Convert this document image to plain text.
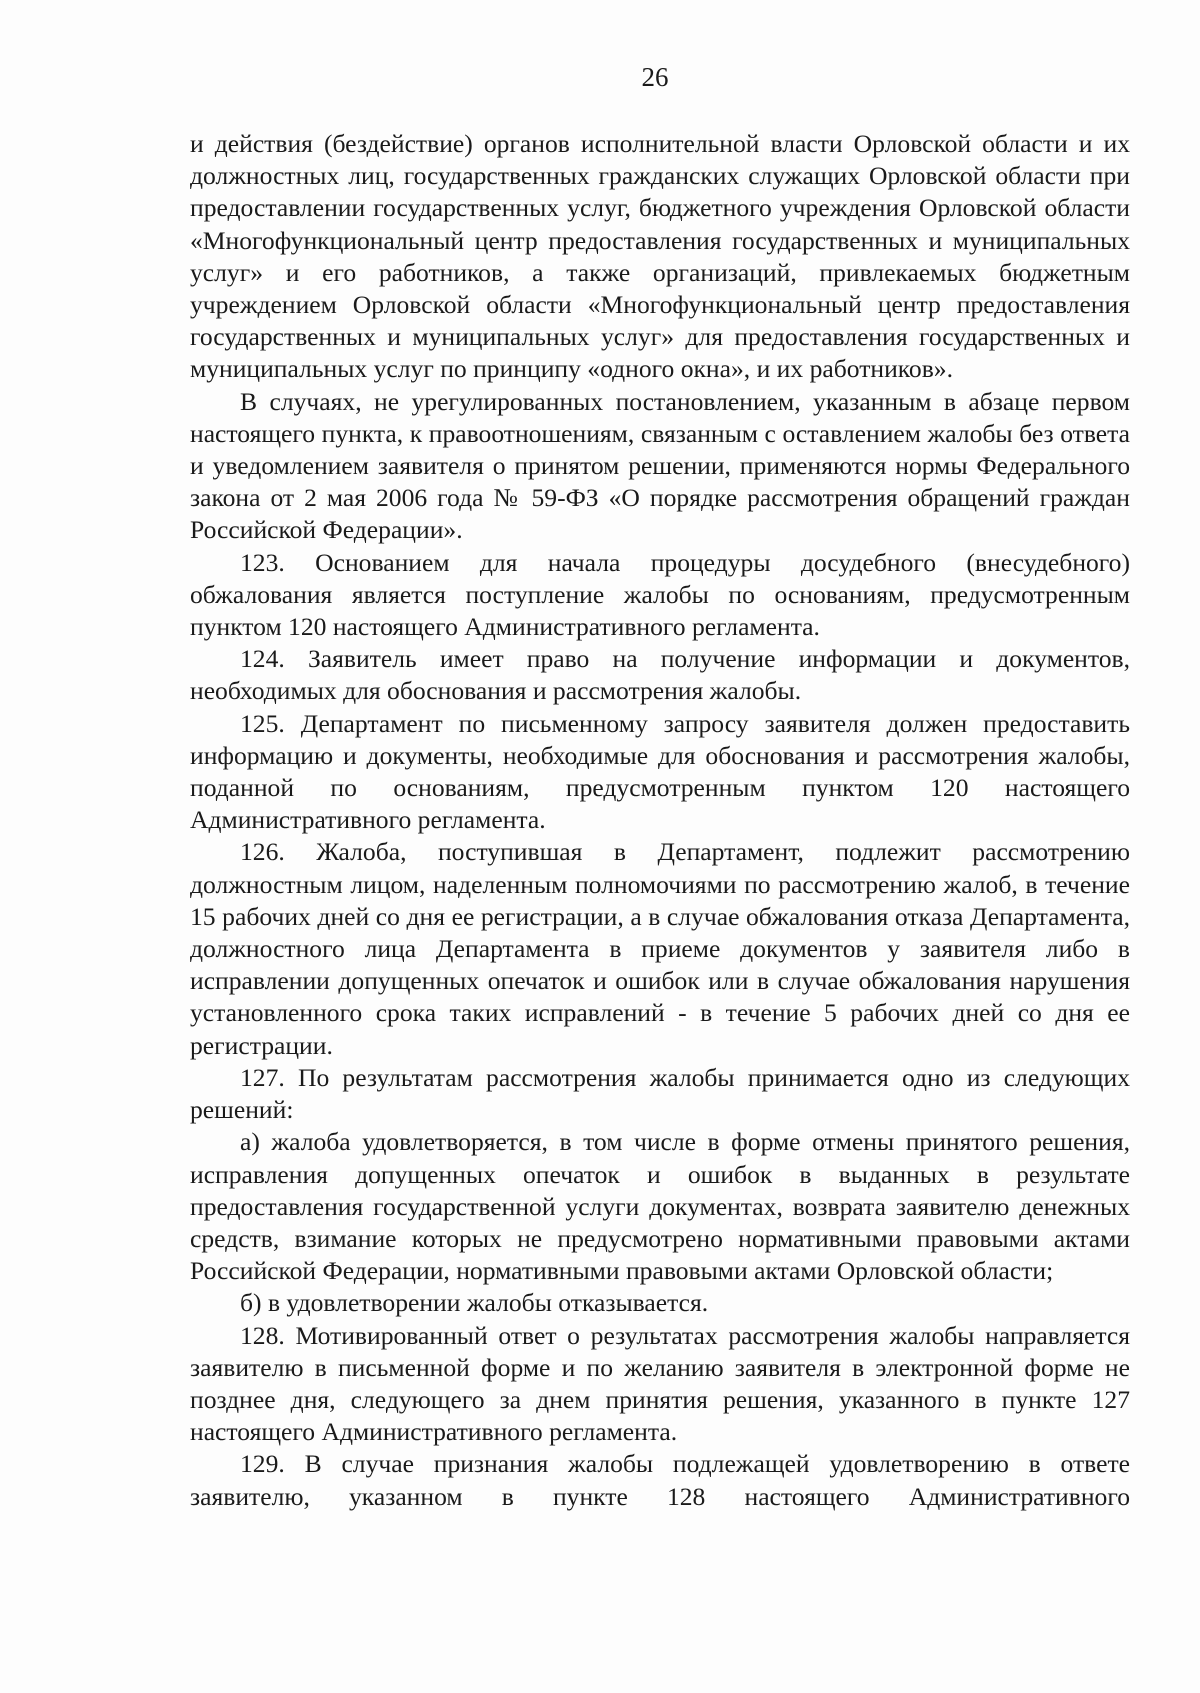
26

и действия (бездействие) органов исполнительной власти Орловской области и их должностных лиц, государственных гражданских служащих Орловской области при предоставлении государственных услуг, бюджетного учреждения Орловской области «Многофункциональный центр предоставления государственных и муниципальных услуг» и его работников, а также организаций, привлекаемых бюджетным учреждением Орловской области «Многофункциональный центр предоставления государственных и муниципальных услуг» для предоставления государственных и муниципальных услуг по принципу «одного окна», и их работников».

В случаях, не урегулированных постановлением, указанным в абзаце первом настоящего пункта, к правоотношениям, связанным с оставлением жалобы без ответа и уведомлением заявителя о принятом решении, применяются нормы Федерального закона от 2 мая 2006 года № 59-ФЗ «О порядке рассмотрения обращений граждан Российской Федерации».

123. Основанием для начала процедуры досудебного (внесудебного) обжалования является поступление жалобы по основаниям, предусмотренным пунктом 120 настоящего Административного регламента.

124. Заявитель имеет право на получение информации и документов, необходимых для обоснования и рассмотрения жалобы.

125. Департамент по письменному запросу заявителя должен предоставить информацию и документы, необходимые для обоснования и рассмотрения жалобы, поданной по основаниям, предусмотренным пунктом 120 настоящего Административного регламента.

126. Жалоба, поступившая в Департамент, подлежит рассмотрению должностным лицом, наделенным полномочиями по рассмотрению жалоб, в течение 15 рабочих дней со дня ее регистрации, а в случае обжалования отказа Департамента, должностного лица Департамента в приеме документов у заявителя либо в исправлении допущенных опечаток и ошибок или в случае обжалования нарушения установленного срока таких исправлений - в течение 5 рабочих дней со дня ее регистрации.

127. По результатам рассмотрения жалобы принимается одно из следующих решений:

а) жалоба удовлетворяется, в том числе в форме отмены принятого решения, исправления допущенных опечаток и ошибок в выданных в результате предоставления государственной услуги документах, возврата заявителю денежных средств, взимание которых не предусмотрено нормативными правовыми актами Российской Федерации, нормативными правовыми актами Орловской области;

б) в удовлетворении жалобы отказывается.

128. Мотивированный ответ о результатах рассмотрения жалобы направляется заявителю в письменной форме и по желанию заявителя в электронной форме не позднее дня, следующего за днем принятия решения, указанного в пункте 127 настоящего Административного регламента.

129. В случае признания жалобы подлежащей удовлетворению в ответе заявителю, указанном в пункте 128 настоящего Административного
